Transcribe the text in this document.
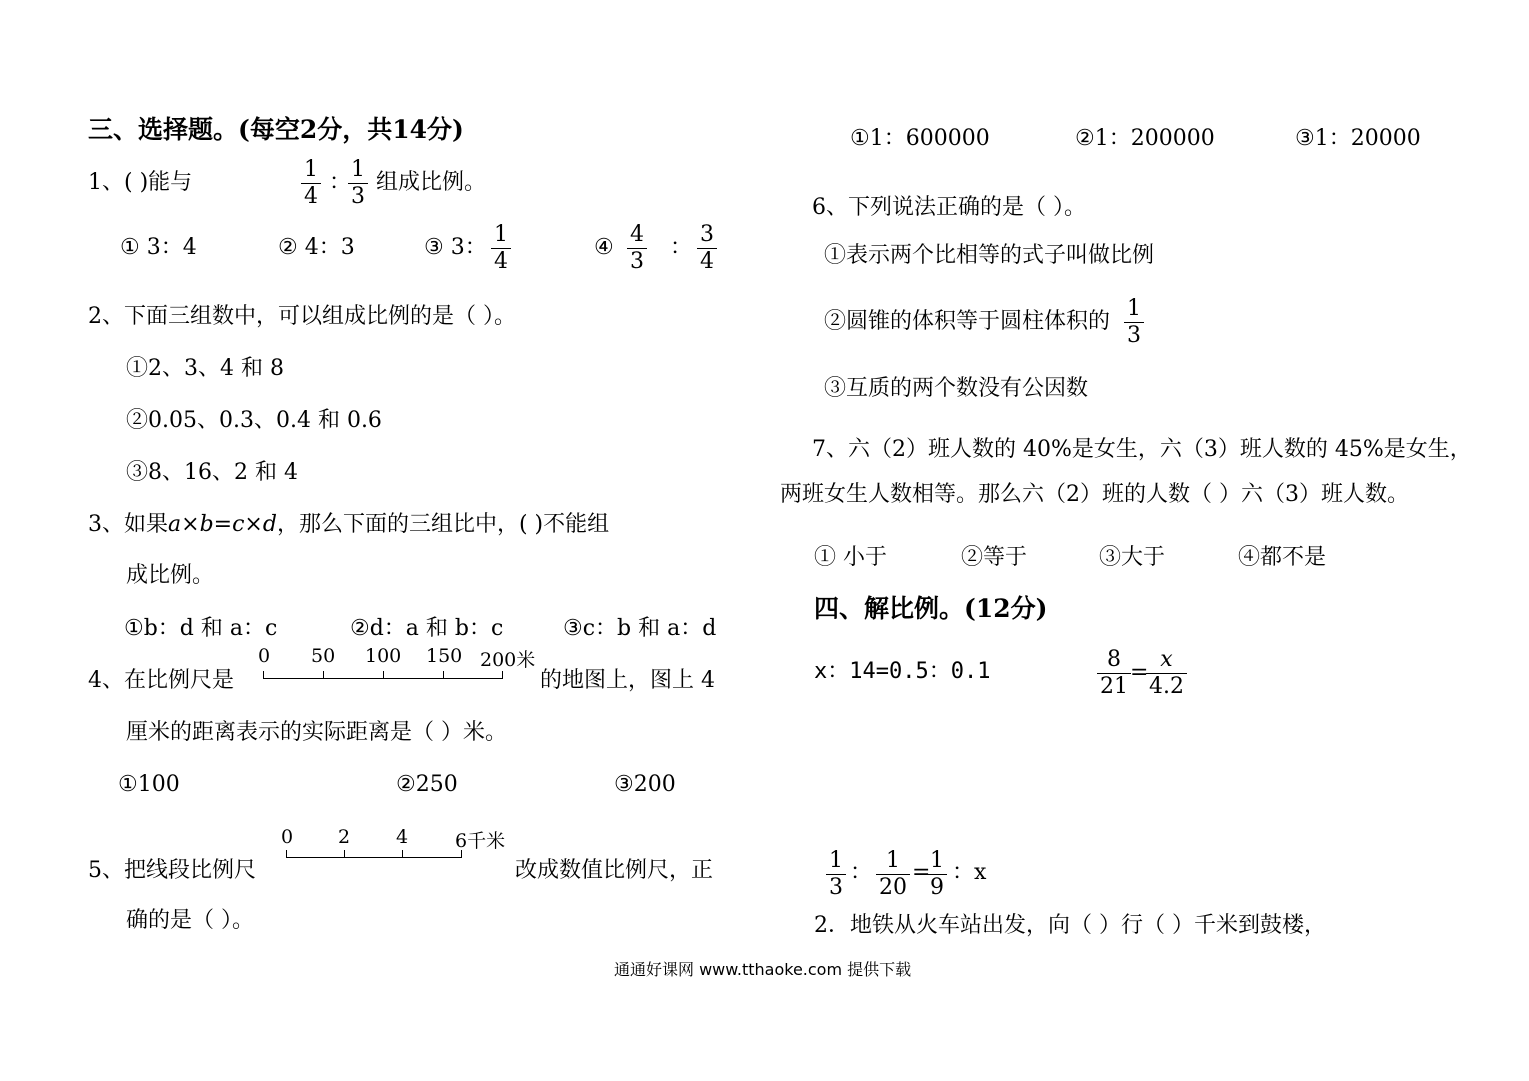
三、选择题。(每空2分，共14分)
1、( )能与	$\frac{1}{4}$ ：
$\frac{1}{3}$ 组成比例。
① 3：4	② 4：3	③ 3： $\frac{1}{4}$	④ $\frac{4}{3}$ ： $\frac{3}{4}$
2、下面三组数中，可以组成比例的是（ ）。
①2、3、4 和 8
②0.05、0.3、0.4 和 0.6
③8、16、2 和 4
3、如果a×b=c×d，那么下面的三组比中，( )不能组
成比例。
①b：d 和 a：c	②d：a 和 b：c	③c：b 和 a：d
4、在比例尺是
0 50 100 150 200米
的地图上，图上 4
厘米的距离表示的实际距离是（ ）米。
①100	②250	③200
5、把线段比例尺
0 2 4 6千米
改成数值比例尺，正
确的是（ ）。
①1：600000	②1：200000	③1：20000
6、下列说法正确的是（ ）。
①表示两个比相等的式子叫做比例
②圆锥的体积等于圆柱体积的 $\frac{1}{3}$
③互质的两个数没有公因数
7、六（2）班人数的 40%是女生，六（3）班人数的 45%是女生，
两班女生人数相等。那么六（2）班的人数（ ）六（3）班人数。
① 小于	②等于	③大于	④都不是
四、解比例。(12分)
x：14=0.5：0.1	$\frac{8}{21}$ =
$\frac{x}{4.2}$
$\frac{1}{3}$ ： $\frac{1}{20}$ =
$\frac{1}{9}$ ：x
2．地铁从火车站出发，向（ ）行（ ）千米到鼓楼，
通通好课网 www.tthaoke.com 提供下载
